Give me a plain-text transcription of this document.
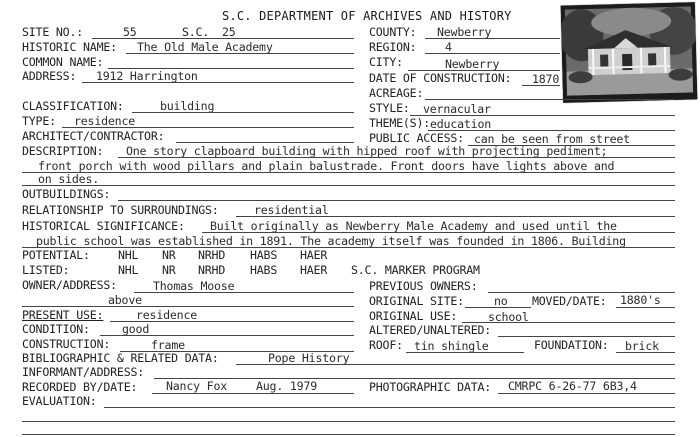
S.C. DEPARTMENT OF ARCHIVES AND HISTORY
SITE NO.:	55	S.C. 25	COUNTY: Newberry
HISTORIC NAME: The Old Male Academy	REGION: 4
COMMON NAME:	CITY:	Newberry
ADDRESS: 1912 Harrington	DATE OF CONSTRUCTION: 1870
ACREAGE:
CLASSIFICATION:	building	STYLE: vernacular
TYPE: residence	THEME(S): education
ARCHITECT/CONTRACTOR:	PUBLIC ACCESS: can be seen from street
DESCRIPTION: One story clapboard building with hipped roof with projecting pediment;
front porch with wood pillars and plain balustrade. Front doors have lights above and
on sides.
OUTBUILDINGS:
RELATIONSHIP TO SURROUNDINGS:	residential
HISTORICAL SIGNIFICANCE: Built originally as Newberry Male Academy and used until the
public school was established in 1891. The academy itself was founded in 1806. Building
POTENTIAL: NHL NR NRHD HABS HAER
LISTED:	NHL NR NRHD HABS HAER S.C. MARKER PROGRAM
OWNER/ADDRESS:	Thomas Moose
above
PREVIOUS OWNERS:
ORIGINAL SITE:	no MOVED/DATE: 1880's
PRESENT USE:	residence	ORIGINAL USE:	school
CONDITION:	good	ALTERED/UNALTERED:
CONSTRUCTION:	frame	ROOF: tin shingle	FOUNDATION: brick
BIBLIOGRAPHIC & RELATED DATA:	Pope History
INFORMANT/ADDRESS:
RECORDED BY/DATE: Nancy Fox Aug. 1979	PHOTOGRAPHIC DATA: CMRPC 6-26-77 6B3,4
EVALUATION:
